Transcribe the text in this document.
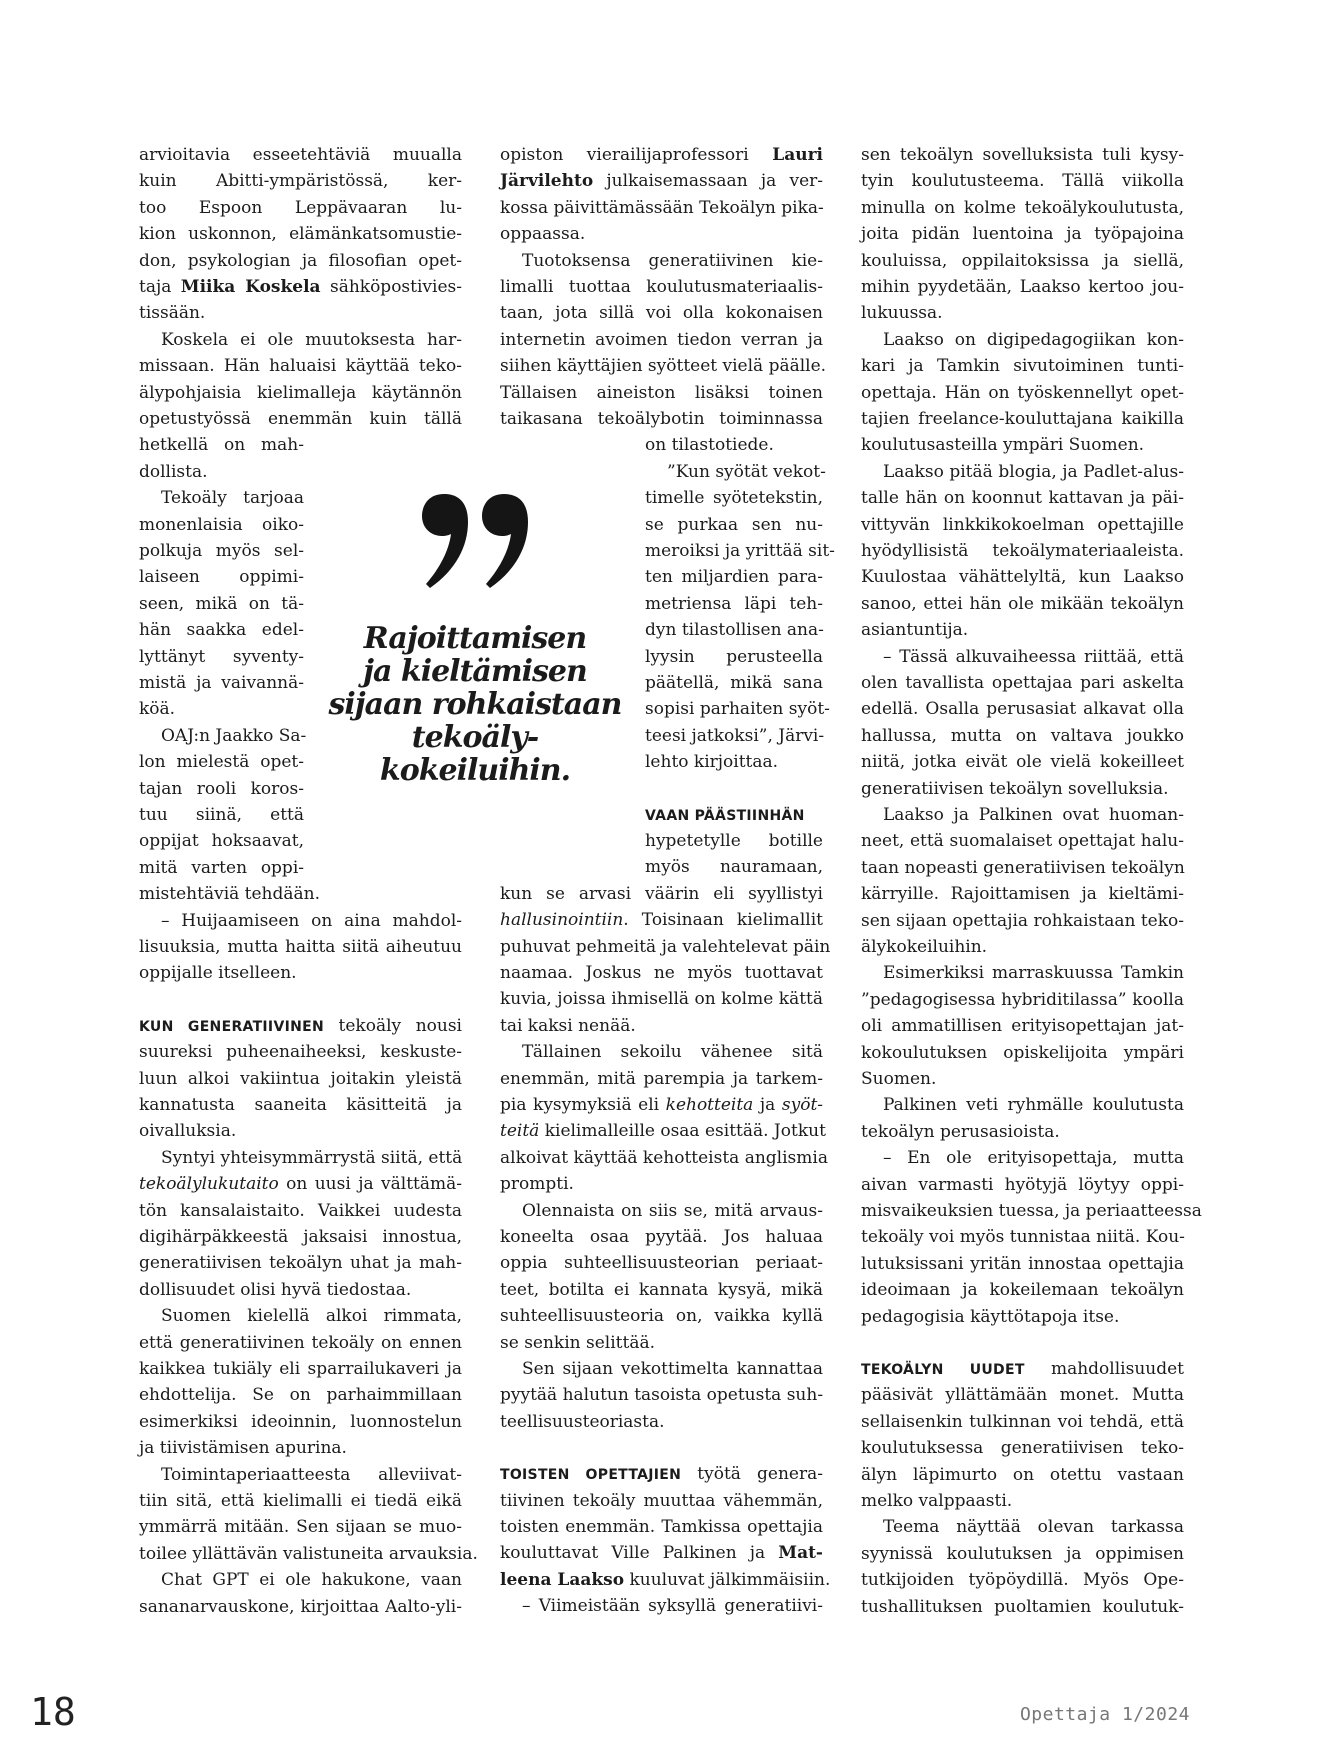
arvioitavia esseetehtäviä muualla
kuin Abitti-ympäristössä, ker-
too Espoon Leppävaaran lu-
kion uskonnon, elämänkatsomustie-
don, psykologian ja filosofian opet-
taja Miika Koskela sähköpostivies-
tissään.
Koskela ei ole muutoksesta har-
missaan. Hän haluaisi käyttää teko-
älypohjaisia kielimalleja käytännön
opetustyössä enemmän kuin tällä
hetkellä on mah-
dollista.
Tekoäly tarjoaa
monenlaisia oiko-
polkuja myös sel-
laiseen oppimi-
seen, mikä on tä-
hän saakka edel-
lyttänyt syventy-
mistä ja vaivannä-
köä.
OAJ:n Jaakko Sa-
lon mielestä opet-
tajan rooli koros-
tuu siinä, että
oppijat hoksaavat,
mitä varten oppi-
mistehtäviä tehdään.
– Huijaamiseen on aina mahdol-
lisuuksia, mutta haitta siitä aiheutuu
oppijalle itselleen.
KUN GENERATIIVINEN tekoäly nousi
suureksi puheenaiheeksi, keskuste-
luun alkoi vakiintua joitakin yleistä
kannatusta saaneita käsitteitä ja
oivalluksia.
Syntyi yhteisymmärrystä siitä, että
tekoälylukutaito on uusi ja välttämä-
tön kansalaistaito. Vaikkei uudesta
digihärpäkkeestä jaksaisi innostua,
generatiivisen tekoälyn uhat ja mah-
dollisuudet olisi hyvä tiedostaa.
Suomen kielellä alkoi rimmata,
että generatiivinen tekoäly on ennen
kaikkea tukiäly eli sparrailukaveri ja
ehdottelija. Se on parhaimmillaan
esimerkiksi ideoinnin, luonnostelun
ja tiivistämisen apurina.
Toimintaperiaatteesta alleviivat-
tiin sitä, että kielimalli ei tiedä eikä
ymmärrä mitään. Sen sijaan se muo-
toilee yllättävän valistuneita arvauksia.
Chat GPT ei ole hakukone, vaan
sananarvauskone, kirjoittaa Aalto-yli-
opiston vierailijaprofessori Lauri
Järvilehto julkaisemassaan ja ver-
kossa päivittämässään Tekoälyn pika-
oppaassa.
Tuotoksensa generatiivinen kie-
limalli tuottaa koulutusmateriaalis-
taan, jota sillä voi olla kokonaisen
internetin avoimen tiedon verran ja
siihen käyttäjien syötteet vielä päälle.
Tällaisen aineiston lisäksi toinen
taikasana tekoälybotin toiminnassa
on tilastotiede.
”Kun syötät vekot-
timelle syötetekstin,
se purkaa sen nu-
meroiksi ja yrittää sit-
ten miljardien para-
metriensa läpi teh-
dyn tilastollisen ana-
lyysin perusteella
päätellä, mikä sana
sopisi parhaiten syöt-
teesi jatkoksi”, Järvi-
lehto kirjoittaa.
VAAN PÄÄSTIINHÄN
hypetetylle botille
myös nauramaan,
kun se arvasi väärin eli syyllistyi
hallusinointiin. Toisinaan kielimallit
puhuvat pehmeitä ja valehtelevat päin
naamaa. Joskus ne myös tuottavat
kuvia, joissa ihmisellä on kolme kättä
tai kaksi nenää.
Tällainen sekoilu vähenee sitä
enemmän, mitä parempia ja tarkem-
pia kysymyksiä eli kehotteita ja syöt-
teitä kielimalleille osaa esittää. Jotkut
alkoivat käyttää kehotteista anglismia
prompti.
Olennaista on siis se, mitä arvaus-
koneelta osaa pyytää. Jos haluaa
oppia suhteellisuusteorian periaat-
teet, botilta ei kannata kysyä, mikä
suhteellisuusteoria on, vaikka kyllä
se senkin selittää.
Sen sijaan vekottimelta kannattaa
pyytää halutun tasoista opetusta suh-
teellisuusteoriasta.
TOISTEN OPETTAJIEN työtä genera-
tiivinen tekoäly muuttaa vähemmän,
toisten enemmän. Tamkissa opettajia
kouluttavat Ville Palkinen ja Mat-
leena Laakso kuuluvat jälkimmäisiin.
– Viimeistään syksyllä generatiivi-
sen tekoälyn sovelluksista tuli kysy-
tyin koulutusteema. Tällä viikolla
minulla on kolme tekoälykoulutusta,
joita pidän luentoina ja työpajoina
kouluissa, oppilaitoksissa ja siellä,
mihin pyydetään, Laakso kertoo jou-
lukuussa.
Laakso on digipedagogiikan kon-
kari ja Tamkin sivutoiminen tunti-
opettaja. Hän on työskennellyt opet-
tajien freelance-kouluttajana kaikilla
koulutusasteilla ympäri Suomen.
Laakso pitää blogia, ja Padlet-alus-
talle hän on koonnut kattavan ja päi-
vittyvän linkkikokoelman opettajille
hyödyllisistä tekoälymateriaaleista.
Kuulostaa vähättelyltä, kun Laakso
sanoo, ettei hän ole mikään tekoälyn
asiantuntija.
– Tässä alkuvaiheessa riittää, että
olen tavallista opettajaa pari askelta
edellä. Osalla perusasiat alkavat olla
hallussa, mutta on valtava joukko
niitä, jotka eivät ole vielä kokeilleet
generatiivisen tekoälyn sovelluksia.
Laakso ja Palkinen ovat huoman-
neet, että suomalaiset opettajat halu-
taan nopeasti generatiivisen tekoälyn
kärryille. Rajoittamisen ja kieltämi-
sen sijaan opettajia rohkaistaan teko-
älykokeiluihin.
Esimerkiksi marraskuussa Tamkin
”pedagogisessa hybriditilassa” koolla
oli ammatillisen erityisopettajan jat-
kokoulutuksen opiskelijoita ympäri
Suomen.
Palkinen veti ryhmälle koulutusta
tekoälyn perusasioista.
– En ole erityisopettaja, mutta
aivan varmasti hyötyjä löytyy oppi-
misvaikeuksien tuessa, ja periaatteessa
tekoäly voi myös tunnistaa niitä. Kou-
lutuksissani yritän innostaa opettajia
ideoimaan ja kokeilemaan tekoälyn
pedagogisia käyttötapoja itse.
TEKOÄLYN UUDET mahdollisuudet
pääsivät yllättämään monet. Mutta
sellaisenkin tulkinnan voi tehdä, että
koulutuksessa generatiivisen teko-
älyn läpimurto on otettu vastaan
melko valppaasti.
Teema näyttää olevan tarkassa
syynissä koulutuksen ja oppimisen
tutkijoiden työpöydillä. Myös Ope-
tushallituksen puoltamien koulutuk-
Rajoittamisen
ja kieltämisen
sijaan rohkaistaan
tekoäly-
kokeiluihin.
18	Opettaja 1/2024
